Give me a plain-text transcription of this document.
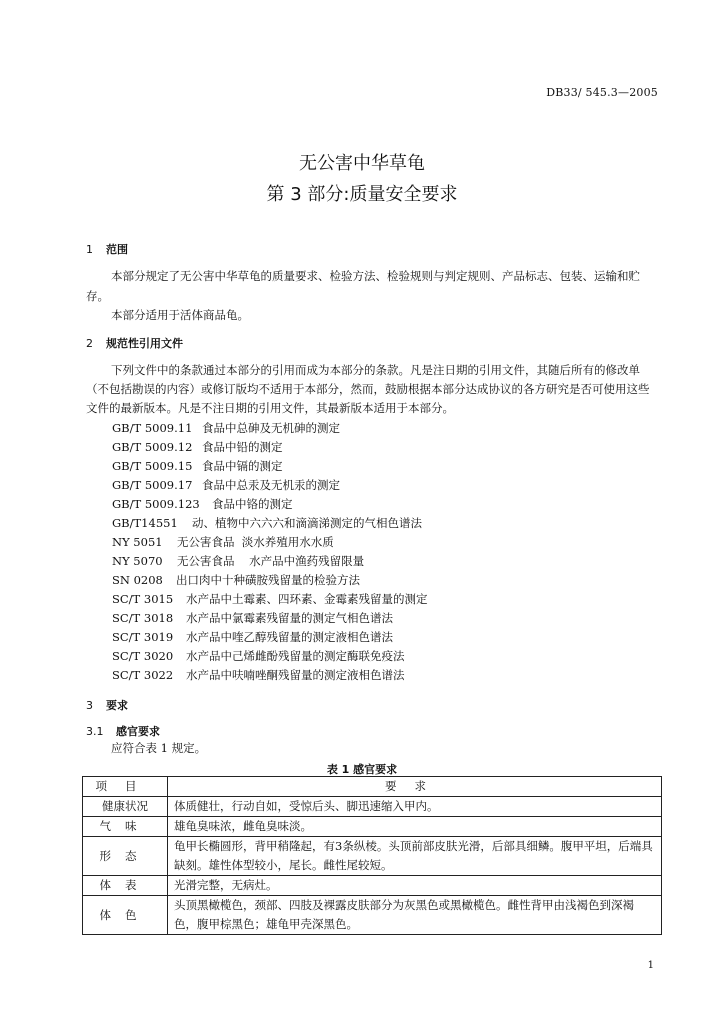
DB33/ 545.3—2005
无公害中华草龟
第 3 部分:质量安全要求
1 范围
本部分规定了无公害中华草龟的质量要求、检验方法、检验规则与判定规则、产品标志、包装、运输和贮存。
本部分适用于活体商品龟。
2 规范性引用文件
下列文件中的条款通过本部分的引用而成为本部分的条款。凡是注日期的引用文件，其随后所有的修改单（不包括勘误的内容）或修订版均不适用于本部分，然而，鼓励根据本部分达成协议的各方研究是否可使用这些文件的最新版本。凡是不注日期的引用文件，其最新版本适用于本部分。
GB/T 5009.11 食品中总砷及无机砷的测定
GB/T 5009.12 食品中铅的测定
GB/T 5009.15 食品中镉的测定
GB/T 5009.17 食品中总汞及无机汞的测定
GB/T 5009.123 食品中铬的测定
GB/T14551 动、植物中六六六和滴滴涕测定的气相色谱法
NY 5051 无公害食品  淡水养殖用水水质
NY 5070 无公害食品    水产品中渔药残留限量
SN 0208 出口肉中十种磺胺残留量的检验方法
SC/T 3015 水产品中土霉素、四环素、金霉素残留量的测定
SC/T 3018 水产品中氯霉素残留量的测定气相色谱法
SC/T 3019 水产品中喹乙醇残留量的测定液相色谱法
SC/T 3020 水产品中己烯雌酚残留量的测定酶联免疫法
SC/T 3022 水产品中呋喃唑酮残留量的测定液相色谱法
3 要求
3.1 感官要求
应符合表 1 规定。
表 1 感官要求
项目	要求
健康状况	体质健壮，行动自如，受惊后头、脚迅速缩入甲内。
气味	雄龟臭味浓，雌龟臭味淡。
形态	龟甲长椭圆形，背甲稍隆起，有3条纵棱。头顶前部皮肤光滑，后部具细鳞。腹甲平坦，后端具缺刻。雄性体型较小，尾长。雌性尾较短。
体表	光滑完整，无病灶。
体色	头顶黑橄榄色，颈部、四肢及裸露皮肤部分为灰黑色或黑橄榄色。雌性背甲由浅褐色到深褐色，腹甲棕黑色；雄龟甲壳深黑色。
1
